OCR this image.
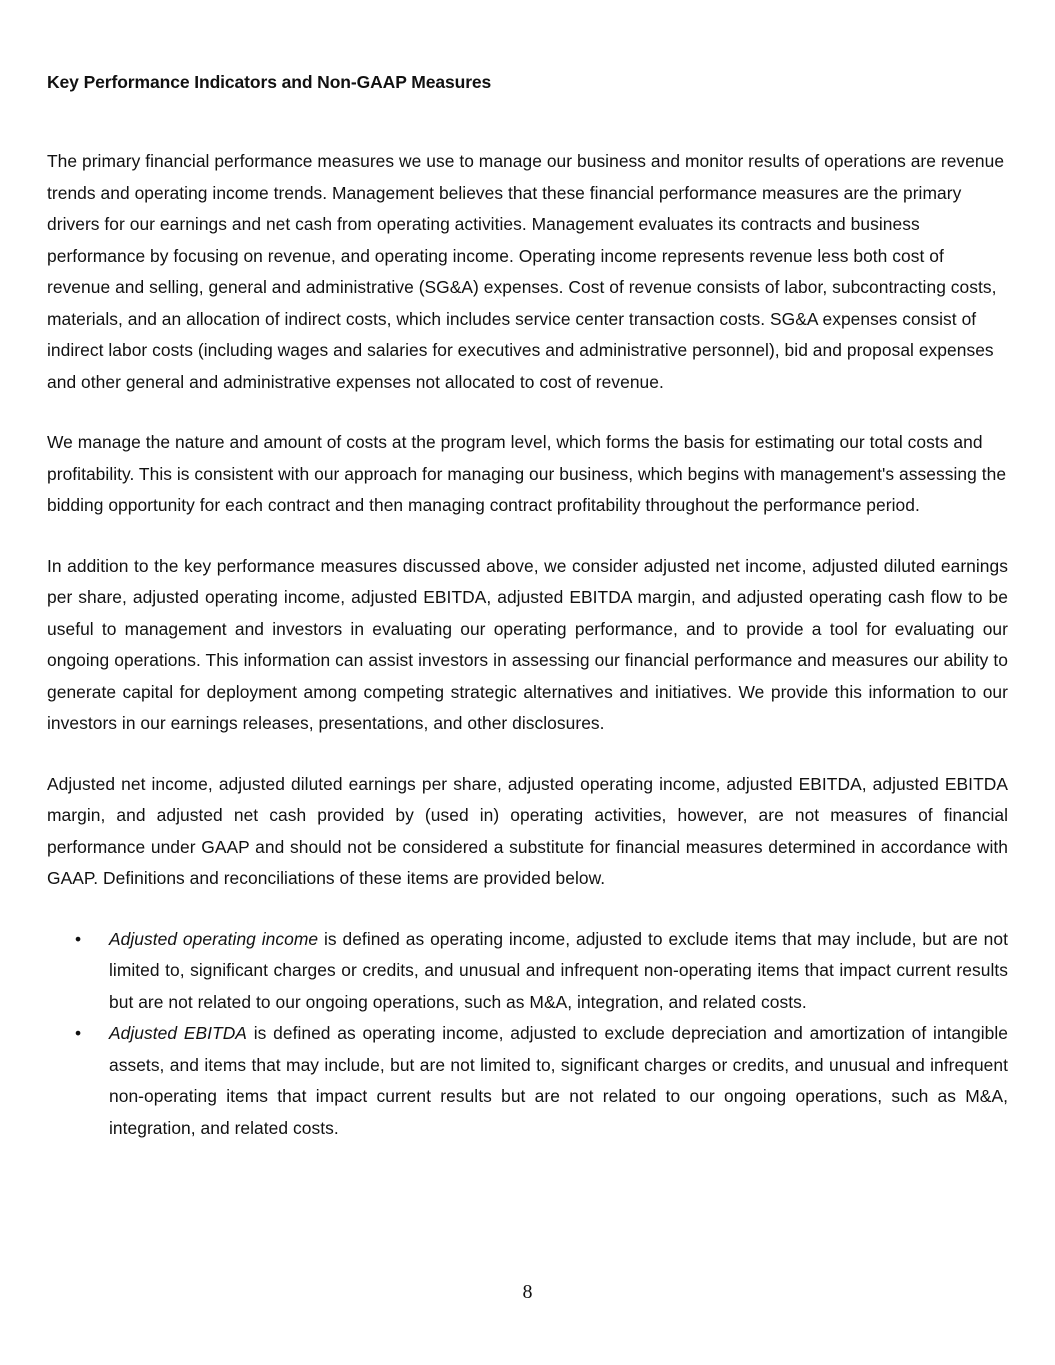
Key Performance Indicators and Non-GAAP Measures

The primary financial performance measures we use to manage our business and monitor results of operations are revenue trends and operating income trends. Management believes that these financial performance measures are the primary drivers for our earnings and net cash from operating activities. Management evaluates its contracts and business performance by focusing on revenue, and operating income. Operating income represents revenue less both cost of revenue and selling, general and administrative (SG&A) expenses. Cost of revenue consists of labor, subcontracting costs, materials, and an allocation of indirect costs, which includes service center transaction costs. SG&A expenses consist of indirect labor costs (including wages and salaries for executives and administrative personnel), bid and proposal expenses and other general and administrative expenses not allocated to cost of revenue.

We manage the nature and amount of costs at the program level, which forms the basis for estimating our total costs and profitability. This is consistent with our approach for managing our business, which begins with management's assessing the bidding opportunity for each contract and then managing contract profitability throughout the performance period.

In addition to the key performance measures discussed above, we consider adjusted net income, adjusted diluted earnings per share, adjusted operating income, adjusted EBITDA, adjusted EBITDA margin, and adjusted operating cash flow to be useful to management and investors in evaluating our operating performance, and to provide a tool for evaluating our ongoing operations. This information can assist investors in assessing our financial performance and measures our ability to generate capital for deployment among competing strategic alternatives and initiatives. We provide this information to our investors in our earnings releases, presentations, and other disclosures.

Adjusted net income, adjusted diluted earnings per share, adjusted operating income, adjusted EBITDA, adjusted EBITDA margin, and adjusted net cash provided by (used in) operating activities, however, are not measures of financial performance under GAAP and should not be considered a substitute for financial measures determined in accordance with GAAP. Definitions and reconciliations of these items are provided below.

• Adjusted operating income is defined as operating income, adjusted to exclude items that may include, but are not limited to, significant charges or credits, and unusual and infrequent non-operating items that impact current results but are not related to our ongoing operations, such as M&A, integration, and related costs.
• Adjusted EBITDA is defined as operating income, adjusted to exclude depreciation and amortization of intangible assets, and items that may include, but are not limited to, significant charges or credits, and unusual and infrequent non-operating items that impact current results but are not related to our ongoing operations, such as M&A, integration, and related costs.
8
